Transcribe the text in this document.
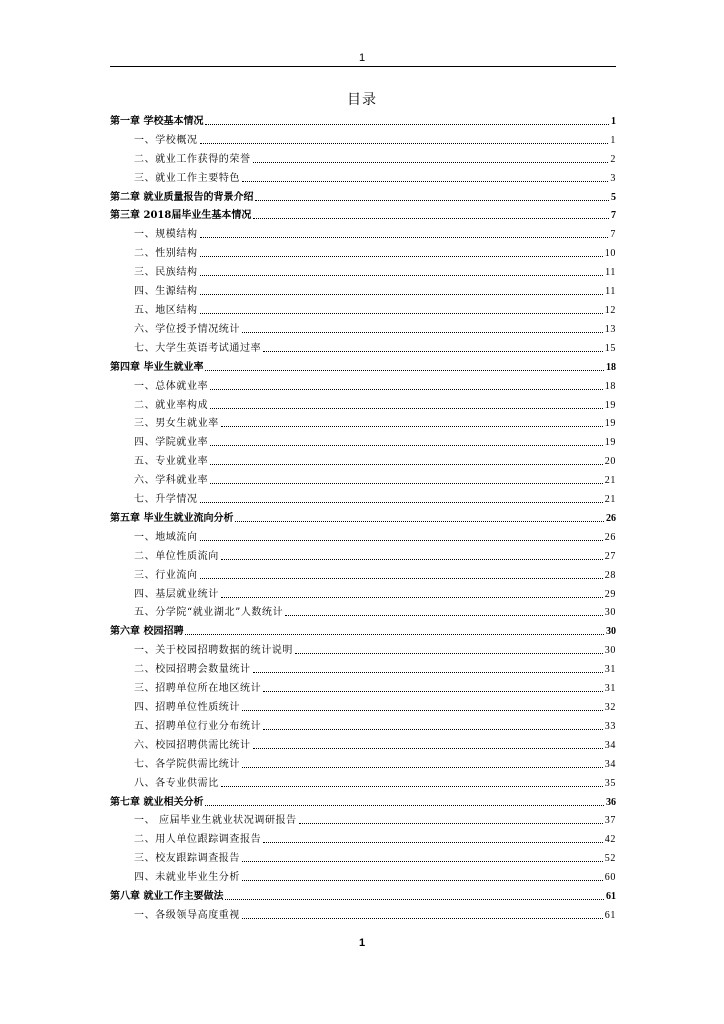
1
目录
第一章 学校基本情况	1
一、学校概况	1
二、就业工作获得的荣誉	2
三、就业工作主要特色	3
第二章 就业质量报告的背景介绍	5
第三章 2018届毕业生基本情况	7
一、规模结构	7
二、性别结构	10
三、民族结构	11
四、生源结构	11
五、地区结构	12
六、学位授予情况统计	13
七、大学生英语考试通过率	15
第四章 毕业生就业率	18
一、总体就业率	18
二、就业率构成	19
三、男女生就业率	19
四、学院就业率	19
五、专业就业率	20
六、学科就业率	21
七、升学情况	21
第五章 毕业生就业流向分析	26
一、地域流向	26
二、单位性质流向	27
三、行业流向	28
四、基层就业统计	29
五、分学院“就业湖北”人数统计	30
第六章 校园招聘	30
一、关于校园招聘数据的统计说明	30
二、校园招聘会数量统计	31
三、招聘单位所在地区统计	31
四、招聘单位性质统计	32
五、招聘单位行业分布统计	33
六、校园招聘供需比统计	34
七、各学院供需比统计	34
八、各专业供需比	35
第七章 就业相关分析	36
一、 应届毕业生就业状况调研报告	37
二、用人单位跟踪调查报告	42
三、校友跟踪调查报告	52
四、未就业毕业生分析	60
第八章 就业工作主要做法	61
一、各级领导高度重视	61
1
